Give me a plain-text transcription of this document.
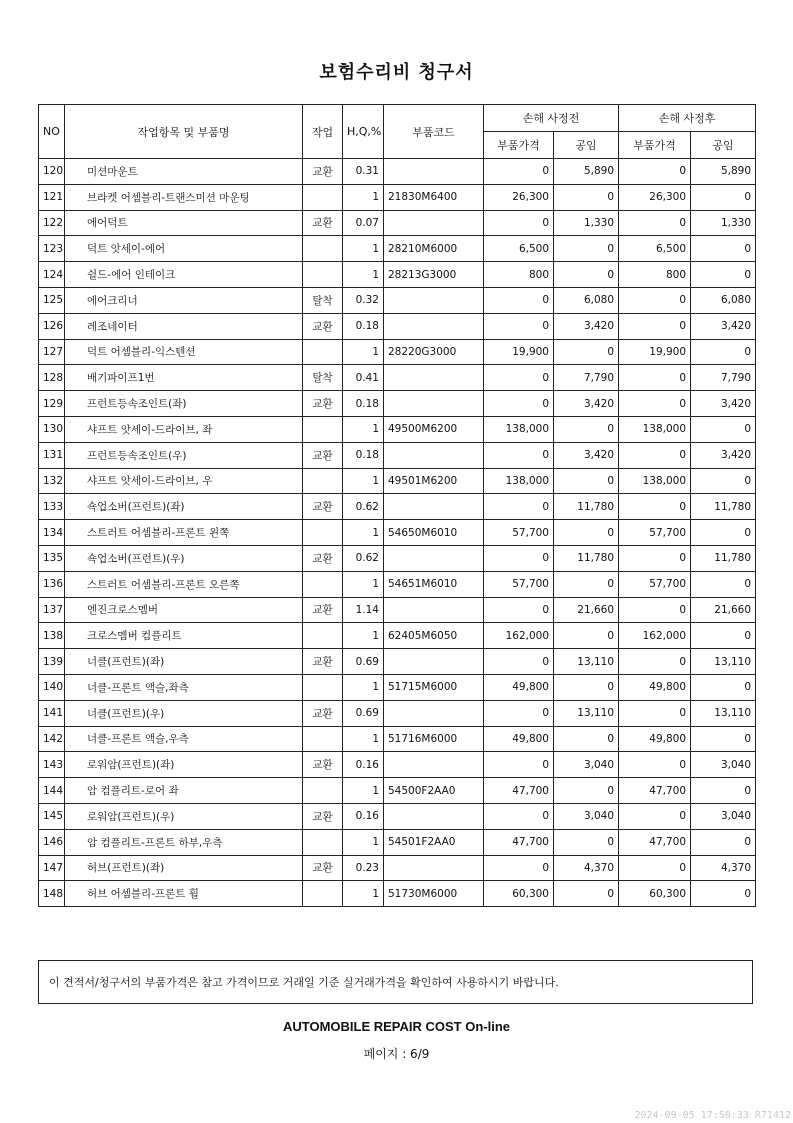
보험수리비 청구서
NO	작업항목 및 부품명	작업	H,Q,%	부품코드	손해 사정전		손해 사정후	
					부품가격	공임	부품가격	공임
120	미션마운트	교환	0.31		0	5,890	0	5,890
121	브라켓 어셈블리-트랜스미션 마운팅		1	21830M6400	26,300	0	26,300	0
122	에어덕트	교환	0.07		0	1,330	0	1,330
123	덕트 앗세이-에어		1	28210M6000	6,500	0	6,500	0
124	쉴드-에어 인테이크		1	28213G3000	800	0	800	0
125	에어크리너	탈착	0.32		0	6,080	0	6,080
126	레조네이터	교환	0.18		0	3,420	0	3,420
127	덕트 어셈블리-익스텐션		1	28220G3000	19,900	0	19,900	0
128	배기파이프1번	탈착	0.41		0	7,790	0	7,790
129	프런트등속조인트(좌)	교환	0.18		0	3,420	0	3,420
130	샤프트 앗세이-드라이브, 좌		1	49500M6200	138,000	0	138,000	0
131	프런트등속조인트(우)	교환	0.18		0	3,420	0	3,420
132	샤프트 앗세이-드라이브, 우		1	49501M6200	138,000	0	138,000	0
133	쇽업소버(프런트)(좌)	교환	0.62		0	11,780	0	11,780
134	스트러트 어셈블리-프론트 왼쪽		1	54650M6010	57,700	0	57,700	0
135	쇽업소버(프런트)(우)	교환	0.62		0	11,780	0	11,780
136	스트러트 어셈블리-프론트 오른쪽		1	54651M6010	57,700	0	57,700	0
137	엔진크로스멤버	교환	1.14		0	21,660	0	21,660
138	크로스멤버 컴플리트		1	62405M6050	162,000	0	162,000	0
139	너클(프런트)(좌)	교환	0.69		0	13,110	0	13,110
140	너클-프론트 액슬,좌측		1	51715M6000	49,800	0	49,800	0
141	너클(프런트)(우)	교환	0.69		0	13,110	0	13,110
142	너클-프론트 액슬,우측		1	51716M6000	49,800	0	49,800	0
143	로워암(프런트)(좌)	교환	0.16		0	3,040	0	3,040
144	암 컴플리트-로어 좌		1	54500F2AA0	47,700	0	47,700	0
145	로워암(프런트)(우)	교환	0.16		0	3,040	0	3,040
146	암 컴플리트-프론트 하부,우측		1	54501F2AA0	47,700	0	47,700	0
147	허브(프런트)(좌)	교환	0.23		0	4,370	0	4,370
148	허브 어셈블리-프론트 휠		1	51730M6000	60,300	0	60,300	0
이 견적서/청구서의 부품가격은 참고 가격이므로 거래일 기준 실거래가격을 확인하여 사용하시기 바랍니다.
AUTOMOBILE REPAIR COST On-line
페이지 : 6/9
2024-09-05 17:50:33 R71412
